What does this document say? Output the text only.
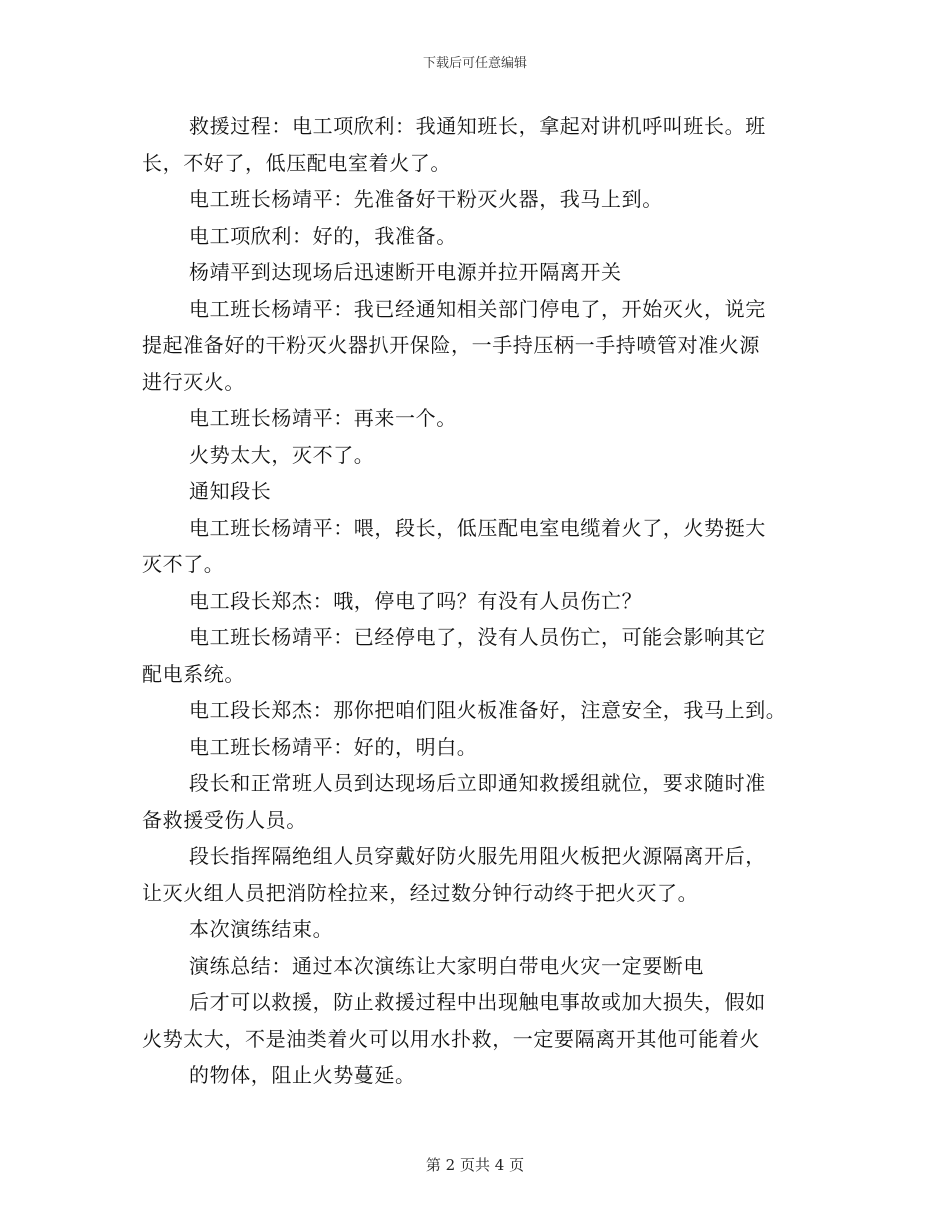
下载后可任意编辑
救援过程：电工项欣利：我通知班长，拿起对讲机呼叫班长。班
长，不好了，低压配电室着火了。
电工班长杨靖平：先准备好干粉灭火器，我马上到。
电工项欣利：好的，我准备。
杨靖平到达现场后迅速断开电源并拉开隔离开关
电工班长杨靖平：我已经通知相关部门停电了，开始灭火，说完
提起准备好的干粉灭火器扒开保险，一手持压柄一手持喷管对准火源
进行灭火。
电工班长杨靖平：再来一个。
火势太大，灭不了。
通知段长
电工班长杨靖平：喂，段长，低压配电室电缆着火了，火势挺大
灭不了。
电工段长郑杰：哦，停电了吗？有没有人员伤亡？
电工班长杨靖平：已经停电了，没有人员伤亡，可能会影响其它
配电系统。
电工段长郑杰：那你把咱们阻火板准备好，注意安全，我马上到。
电工班长杨靖平：好的，明白。
段长和正常班人员到达现场后立即通知救援组就位，要求随时准
备救援受伤人员。
段长指挥隔绝组人员穿戴好防火服先用阻火板把火源隔离开后，
让灭火组人员把消防栓拉来，经过数分钟行动终于把火灭了。
本次演练结束。
演练总结：通过本次演练让大家明白带电火灾一定要断电
后才可以救援，防止救援过程中出现触电事故或加大损失，假如
火势太大，不是油类着火可以用水扑救，一定要隔离开其他可能着火
的物体，阻止火势蔓延。
第 2 页共 4 页
